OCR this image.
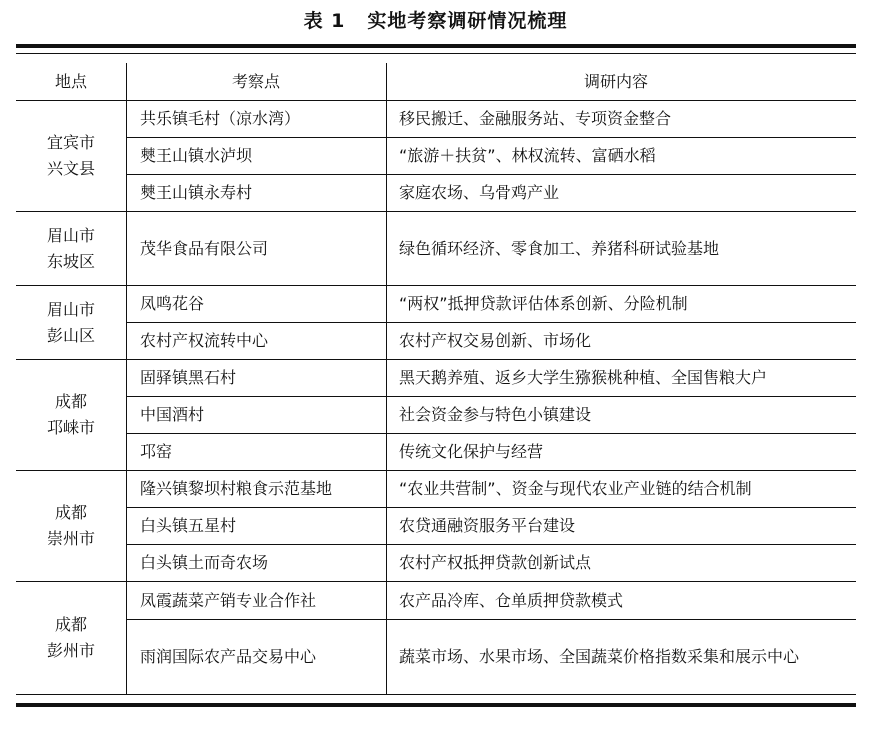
表 1 实地考察调研情况梳理
地点	考察点	调研内容
宜宾市
兴文县
共乐镇毛村（凉水湾）	移民搬迁、金融服务站、专项资金整合
僰王山镇水泸坝	“旅游＋扶贫”、林权流转、富硒水稻
僰王山镇永寿村	家庭农场、乌骨鸡产业
眉山市
东坡区
茂华食品有限公司	绿色循环经济、零食加工、养猪科研试验基地
眉山市
彭山区
凤鸣花谷	“两权”抵押贷款评估体系创新、分险机制
农村产权流转中心	农村产权交易创新、市场化
成都
邛崃市
固驿镇黑石村	黑天鹅养殖、返乡大学生猕猴桃种植、全国售粮大户
中国酒村	社会资金参与特色小镇建设
邛窑	传统文化保护与经营
成都
崇州市
隆兴镇黎坝村粮食示范基地	“农业共营制”、资金与现代农业产业链的结合机制
白头镇五星村	农贷通融资服务平台建设
白头镇土而奇农场	农村产权抵押贷款创新试点
成都
彭州市
凤霞蔬菜产销专业合作社	农产品冷库、仓单质押贷款模式
雨润国际农产品交易中心	蔬菜市场、水果市场、全国蔬菜价格指数采集和展示中心
